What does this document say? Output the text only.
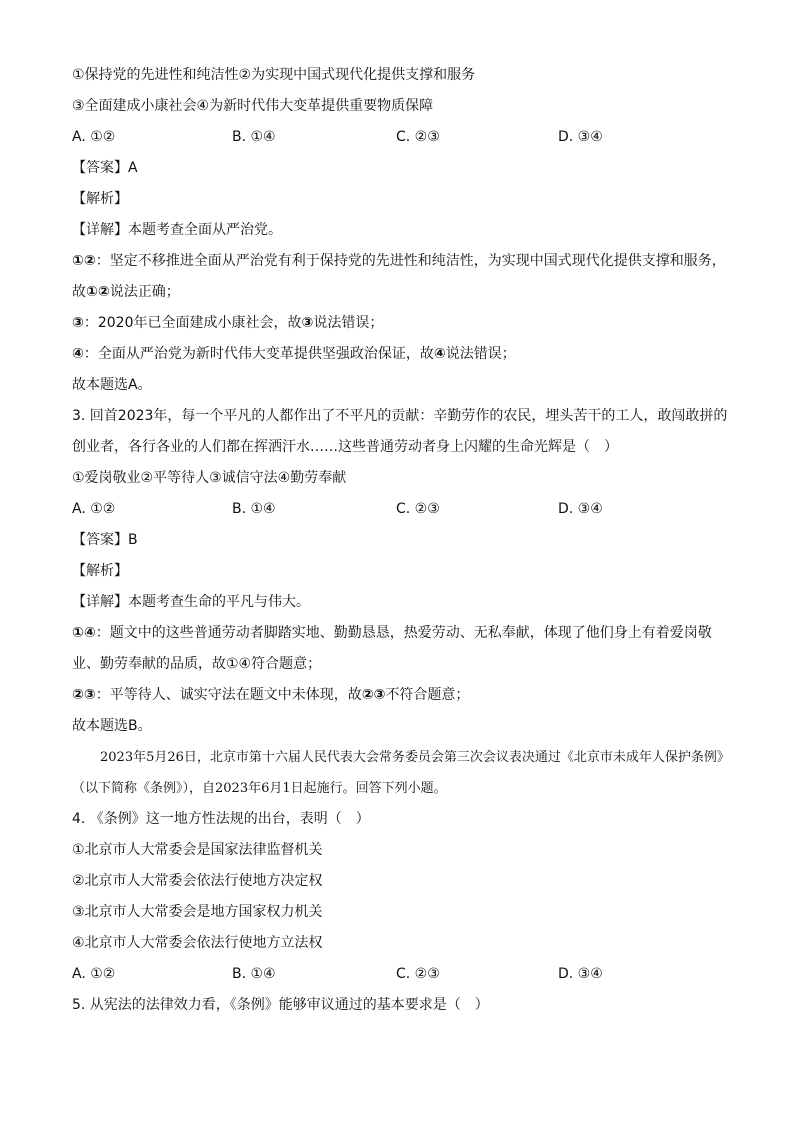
①保持党的先进性和纯洁性②为实现中国式现代化提供支撑和服务
③全面建成小康社会④为新时代伟大变革提供重要物质保障
A. ①②	B. ①④	C. ②③	D. ③④
【答案】A
【解析】
【详解】本题考查全面从严治党。
①②：坚定不移推进全面从严治党有利于保持党的先进性和纯洁性，为实现中国式现代化提供支撑和服务，故①②说法正确；
③：2020年已全面建成小康社会，故③说法错误；
④：全面从严治党为新时代伟大变革提供坚强政治保证，故④说法错误；
故本题选A。
3. 回首2023年，每一个平凡的人都作出了不平凡的贡献：辛勤劳作的农民，埋头苦干的工人，敢闯敢拼的创业者，各行各业的人们都在挥洒汗水……这些普通劳动者身上闪耀的生命光辉是（　）
①爱岗敬业②平等待人③诚信守法④勤劳奉献
A. ①②	B. ①④	C. ②③	D. ③④
【答案】B
【解析】
【详解】本题考查生命的平凡与伟大。
①④：题文中的这些普通劳动者脚踏实地、勤勤恳恳，热爱劳动、无私奉献，体现了他们身上有着爱岗敬业、勤劳奉献的品质，故①④符合题意；
②③：平等待人、诚实守法在题文中未体现，故②③不符合题意；
故本题选B。
2023年5月26日，北京市第十六届人民代表大会常务委员会第三次会议表决通过《北京市未成年人保护条例》（以下简称《条例》），自2023年6月1日起施行。回答下列小题。
4. 《条例》这一地方性法规的出台，表明（　）
①北京市人大常委会是国家法律监督机关
②北京市人大常委会依法行使地方决定权
③北京市人大常委会是地方国家权力机关
④北京市人大常委会依法行使地方立法权
A. ①②	B. ①④	C. ②③	D. ③④
5. 从宪法的法律效力看，《条例》能够审议通过的基本要求是（　）
